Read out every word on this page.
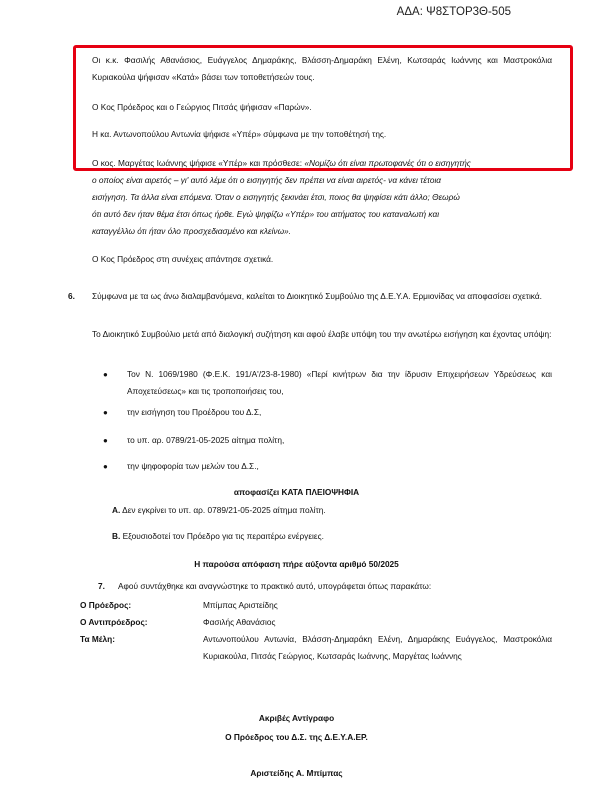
ΑΔΑ: Ψ8ΣΤΟΡ3Θ-505

Οι κ.κ. Φασιλής Αθανάσιος, Ευάγγελος Δημαράκης, Βλάσση-Δημαράκη Ελένη, Κωτσαράς Ιωάννης και Μαστροκόλια Κυριακούλα ψήφισαν «Κατά» βάσει των τοποθετήσεών τους.

Ο Κος Πρόεδρος και ο Γεώργιος Πιτσάς ψήφισαν «Παρών».

Η κα. Αντωνοπούλου Αντωνία ψήφισε «Υπέρ» σύμφωνα με την τοποθέτησή της.

Ο κος. Μαργέτας Ιωάννης ψήφισε «Υπέρ» και πρόσθεσε: «Νομίζω ότι είναι πρωτοφανές ότι ο εισηγητής
ο οποίος είναι αιρετός – γι' αυτό λέμε ότι ο εισηγητής δεν πρέπει να είναι αιρετός- να κάνει τέτοια
εισήγηση. Τα άλλα είναι επόμενα. Όταν ο εισηγητής ξεκινάει έτσι, ποιος θα ψηφίσει κάτι άλλο; Θεωρώ
ότι αυτό δεν ήταν θέμα έτσι όπως ήρθε. Εγώ ψηφίζω «Υπέρ» του αιτήματος του καταναλωτή και
καταγγέλλω ότι ήταν όλο προσχεδιασμένο και κλείνω».

Ο Κος Πρόεδρος στη συνέχεις απάντησε σχετικά.

6. Σύμφωνα με τα ως άνω διαλαμβανόμενα, καλείται το Διοικητικό Συμβούλιο της Δ.Ε.Υ.Α. Ερμιονίδας να αποφασίσει σχετικά.

Το Διοικητικό Συμβούλιο μετά από διαλογική συζήτηση και αφού έλαβε υπόψη του την ανωτέρω εισήγηση και έχοντας υπόψη:

● Τον Ν. 1069/1980 (Φ.Ε.Κ. 191/Α'/23-8-1980) «Περί κινήτρων δια την ίδρυσιν Επιχειρήσεων Υδρεύσεως και Αποχετεύσεως» και τις τροποποιήσεις του,

● την εισήγηση του Προέδρου του Δ.Σ,

● το υπ. αρ. 0789/21-05-2025 αίτημα πολίτη,

● την ψηφοφορία των μελών του Δ.Σ.,

αποφασίζει ΚΑΤΑ ΠΛΕΙΟΨΗΦΙΑ
Α. Δεν εγκρίνει το υπ. αρ. 0789/21-05-2025 αίτημα πολίτη.
Β. Εξουσιοδοτεί τον Πρόεδρο για τις περαιτέρω ενέργειες.
Η παρούσα απόφαση πήρε αύξοντα αριθμό 50/2025
7. Αφού συντάχθηκε και αναγνώστηκε το πρακτικό αυτό, υπογράφεται όπως παρακάτω:

Ο Πρόεδρος:	Μπίμπας Αριστείδης

Ο Αντιπρόεδρος:	Φασιλής Αθανάσιος

Τα Μέλη:	Αντωνοπούλου Αντωνία, Βλάσση-Δημαράκη Ελένη, Δημαράκης Ευάγγελος, Μαστροκόλια Κυριακούλα, Πιτσάς Γεώργιος, Κωτσαράς Ιωάννης, Μαργέτας Ιωάννης

Ακριβές Αντίγραφο
Ο Πρόεδρος του Δ.Σ. της Δ.Ε.Υ.Α.ΕΡ.
Αριστείδης Α. Μπίμπας
